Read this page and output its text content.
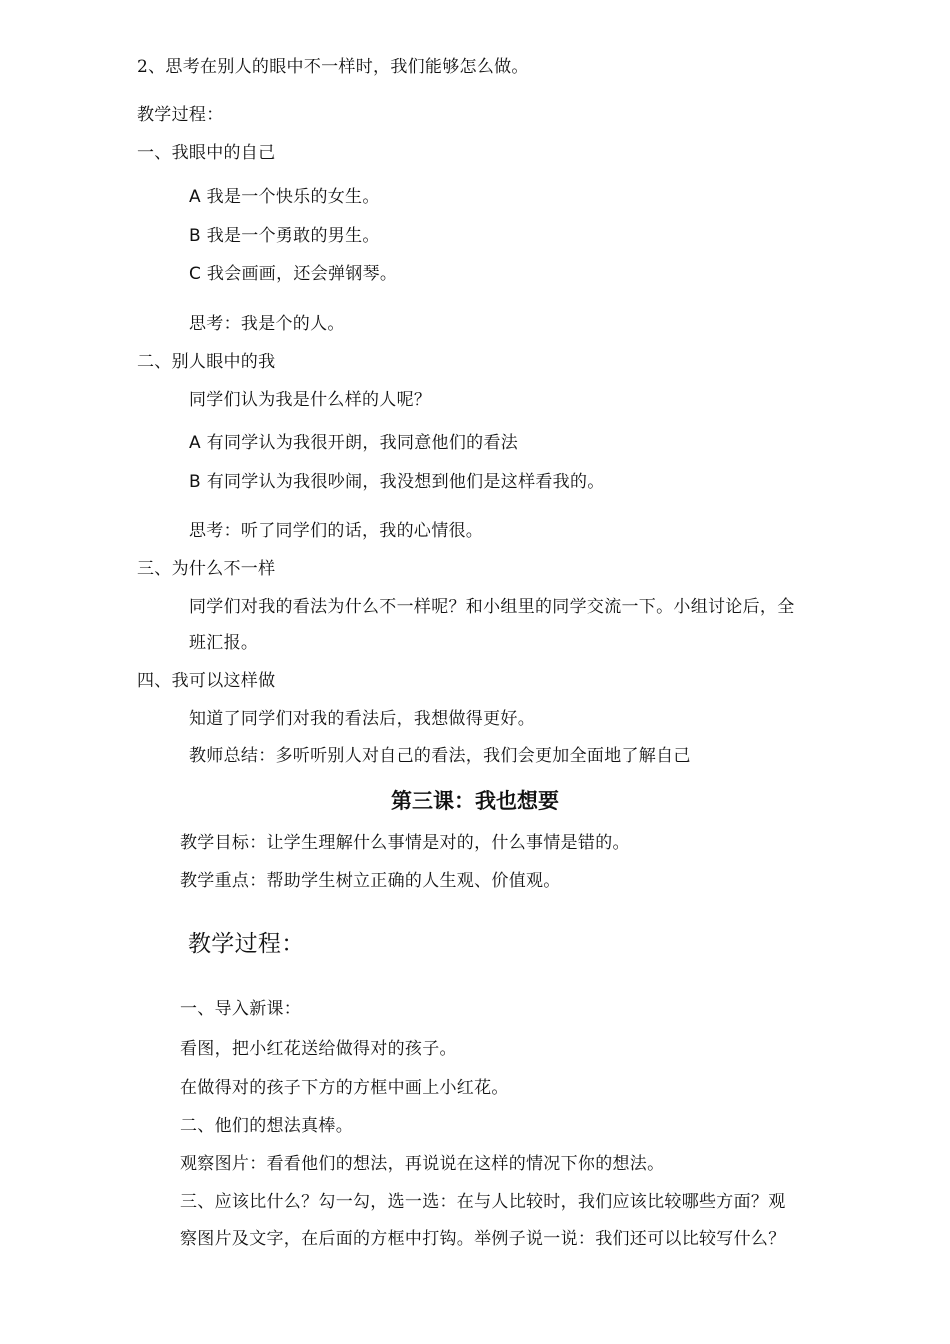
2、思考在别人的眼中不一样时，我们能够怎么做。
教学过程：
一、我眼中的自己
A 我是一个快乐的女生。
B 我是一个勇敢的男生。
C 我会画画，还会弹钢琴。
思考：我是个的人。
二、别人眼中的我
同学们认为我是什么样的人呢？
A 有同学认为我很开朗，我同意他们的看法
B 有同学认为我很吵闹，我没想到他们是这样看我的。
思考：听了同学们的话，我的心情很。
三、为什么不一样
同学们对我的看法为什么不一样呢？和小组里的同学交流一下。小组讨论后，全
班汇报。
四、我可以这样做
知道了同学们对我的看法后，我想做得更好。
教师总结：多听听别人对自己的看法，我们会更加全面地了解自己
第三课：我也想要
教学目标：让学生理解什么事情是对的，什么事情是错的。
教学重点：帮助学生树立正确的人生观、价值观。
教学过程：
一、导入新课：
看图，把小红花送给做得对的孩子。
在做得对的孩子下方的方框中画上小红花。
二、他们的想法真棒。
观察图片：看看他们的想法，再说说在这样的情况下你的想法。
三、应该比什么？勾一勾，选一选：在与人比较时，我们应该比较哪些方面？观
察图片及文字，在后面的方框中打钩。举例子说一说：我们还可以比较写什么？
